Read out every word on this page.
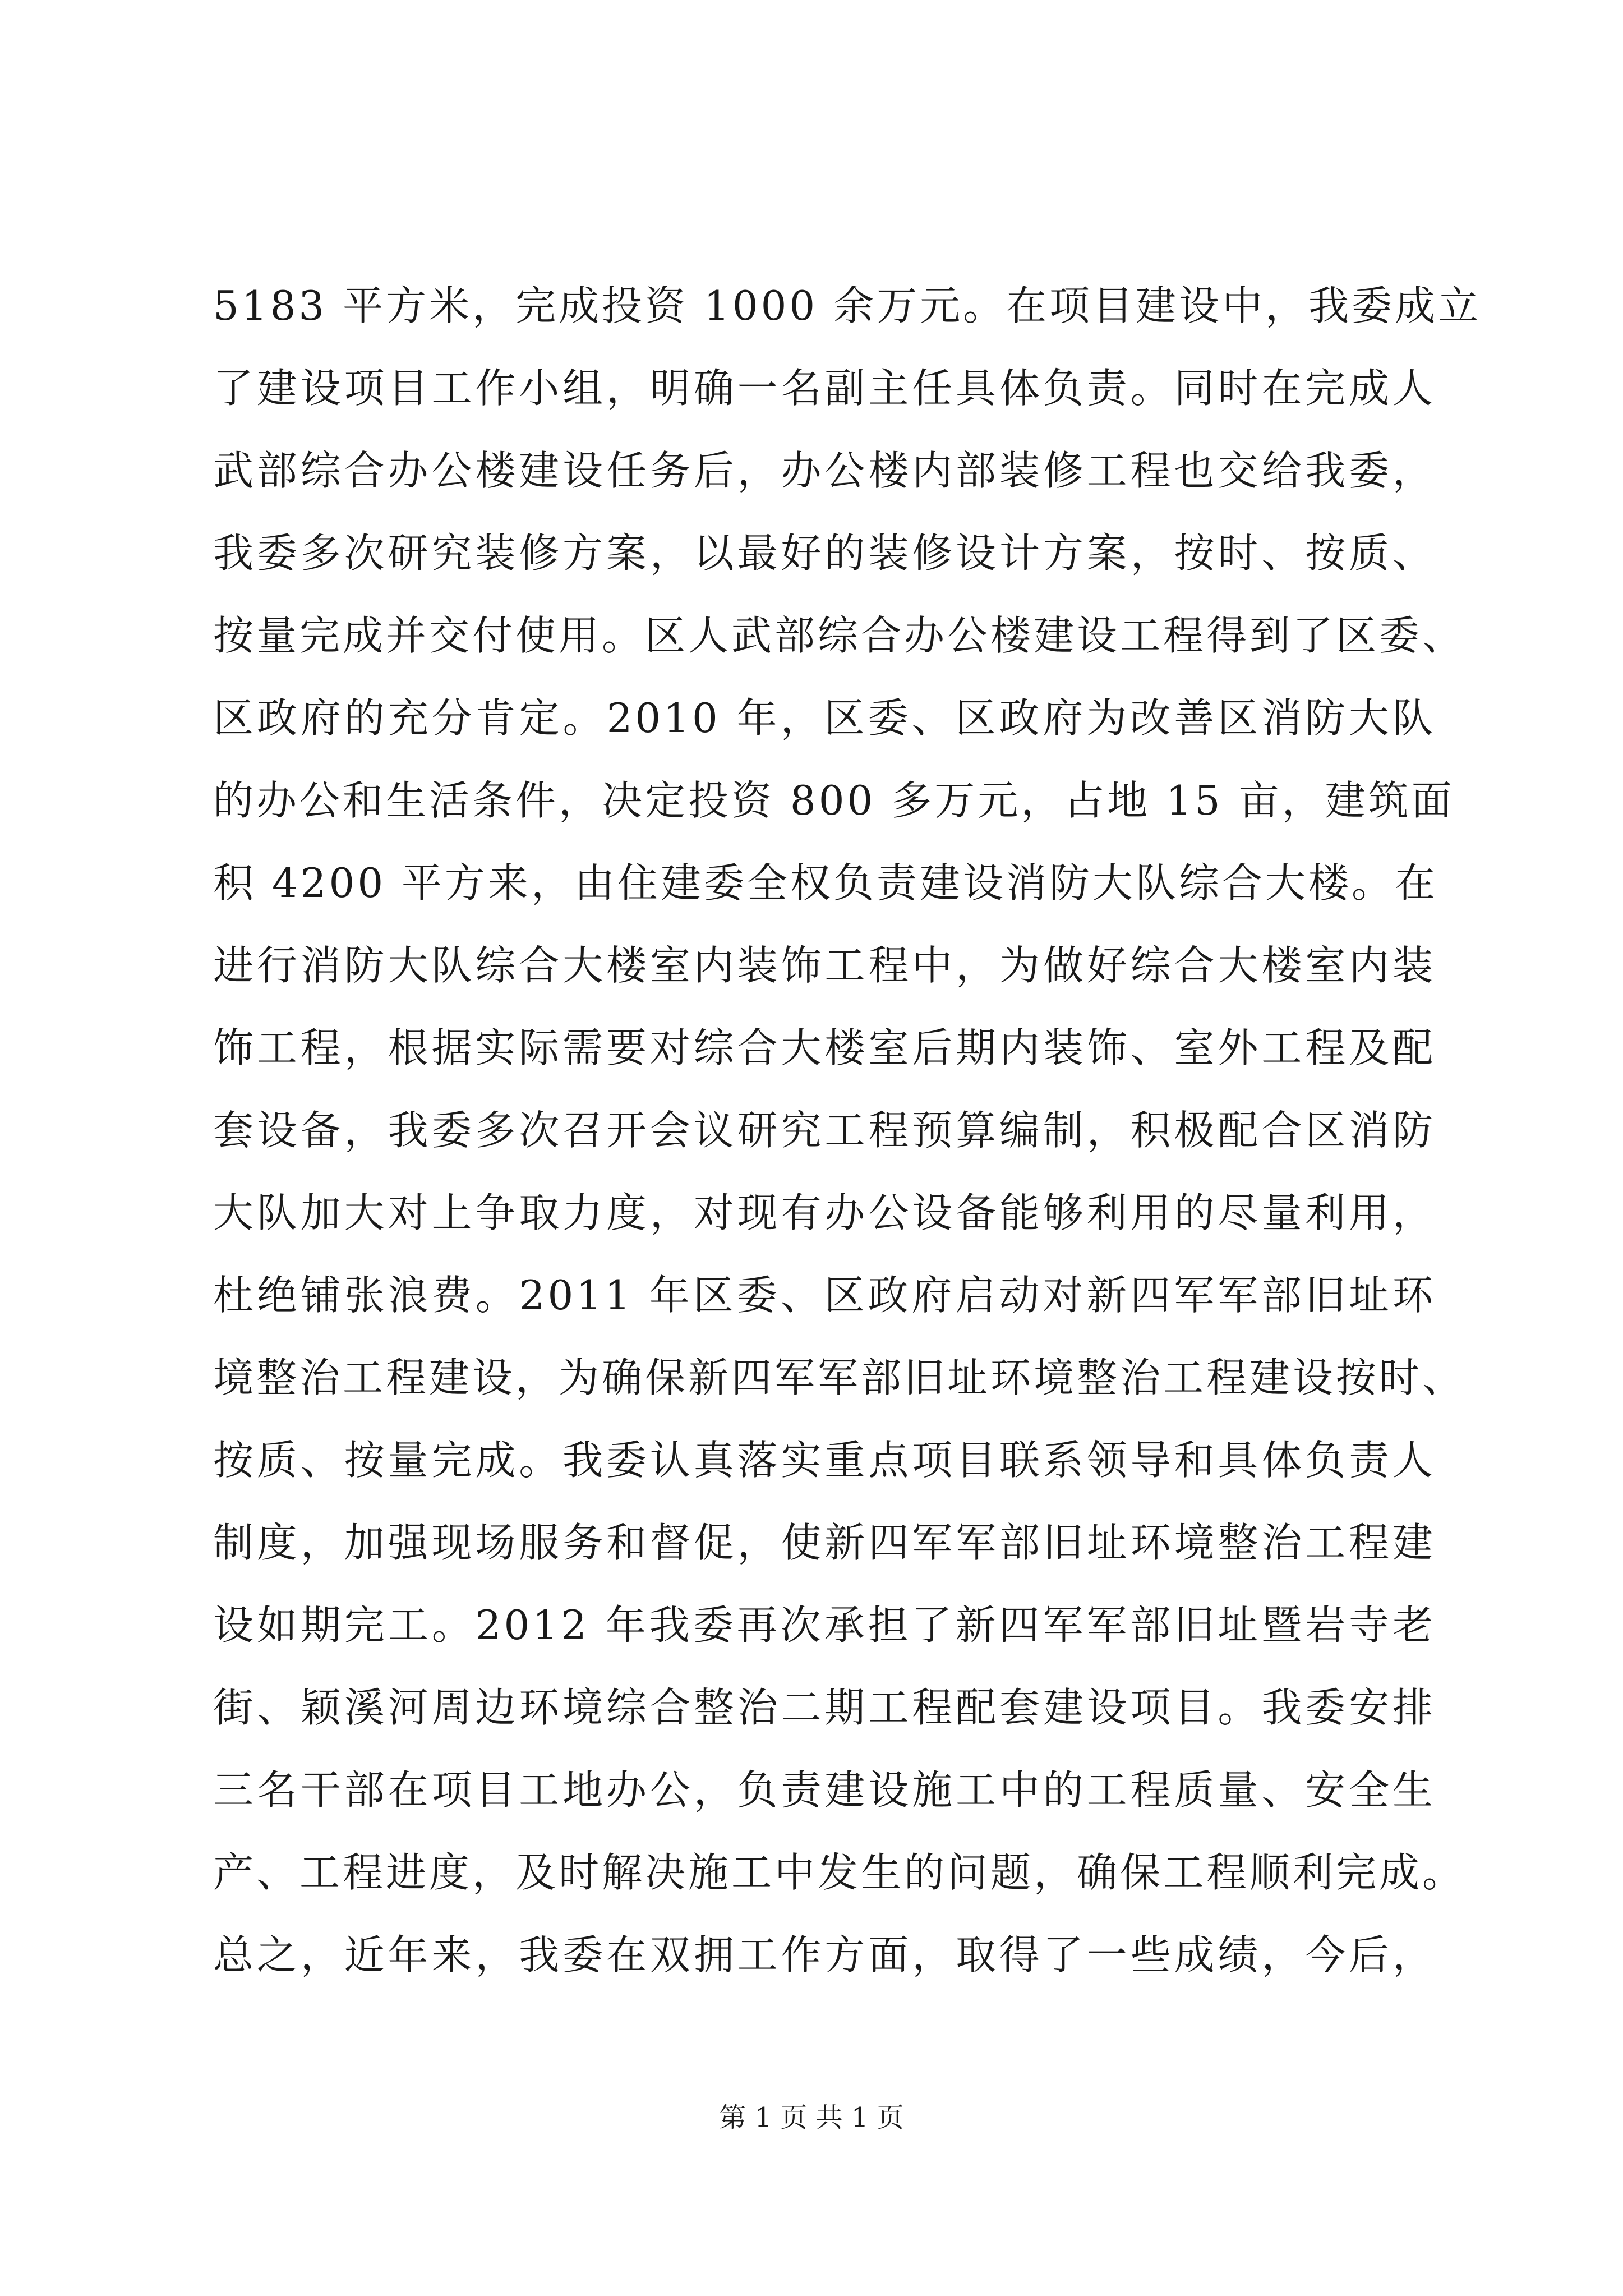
5183 平方米，完成投资 1000 余万元。在项目建设中，我委成立
了建设项目工作小组，明确一名副主任具体负责。同时在完成人
武部综合办公楼建设任务后，办公楼内部装修工程也交给我委，
我委多次研究装修方案，以最好的装修设计方案，按时、按质、
按量完成并交付使用。区人武部综合办公楼建设工程得到了区委、
区政府的充分肯定。2010 年，区委、区政府为改善区消防大队
的办公和生活条件，决定投资 800 多万元，占地 15 亩，建筑面
积 4200 平方来，由住建委全权负责建设消防大队综合大楼。在
进行消防大队综合大楼室内装饰工程中，为做好综合大楼室内装
饰工程，根据实际需要对综合大楼室后期内装饰、室外工程及配
套设备，我委多次召开会议研究工程预算编制，积极配合区消防
大队加大对上争取力度，对现有办公设备能够利用的尽量利用，
杜绝铺张浪费。2011 年区委、区政府启动对新四军军部旧址环
境整治工程建设，为确保新四军军部旧址环境整治工程建设按时、
按质、按量完成。我委认真落实重点项目联系领导和具体负责人
制度，加强现场服务和督促，使新四军军部旧址环境整治工程建
设如期完工。2012 年我委再次承担了新四军军部旧址暨岩寺老
街、颖溪河周边环境综合整治二期工程配套建设项目。我委安排
三名干部在项目工地办公，负责建设施工中的工程质量、安全生
产、工程进度，及时解决施工中发生的问题，确保工程顺利完成。
总之，近年来，我委在双拥工作方面，取得了一些成绩，今后，
第 1 页 共 1 页
